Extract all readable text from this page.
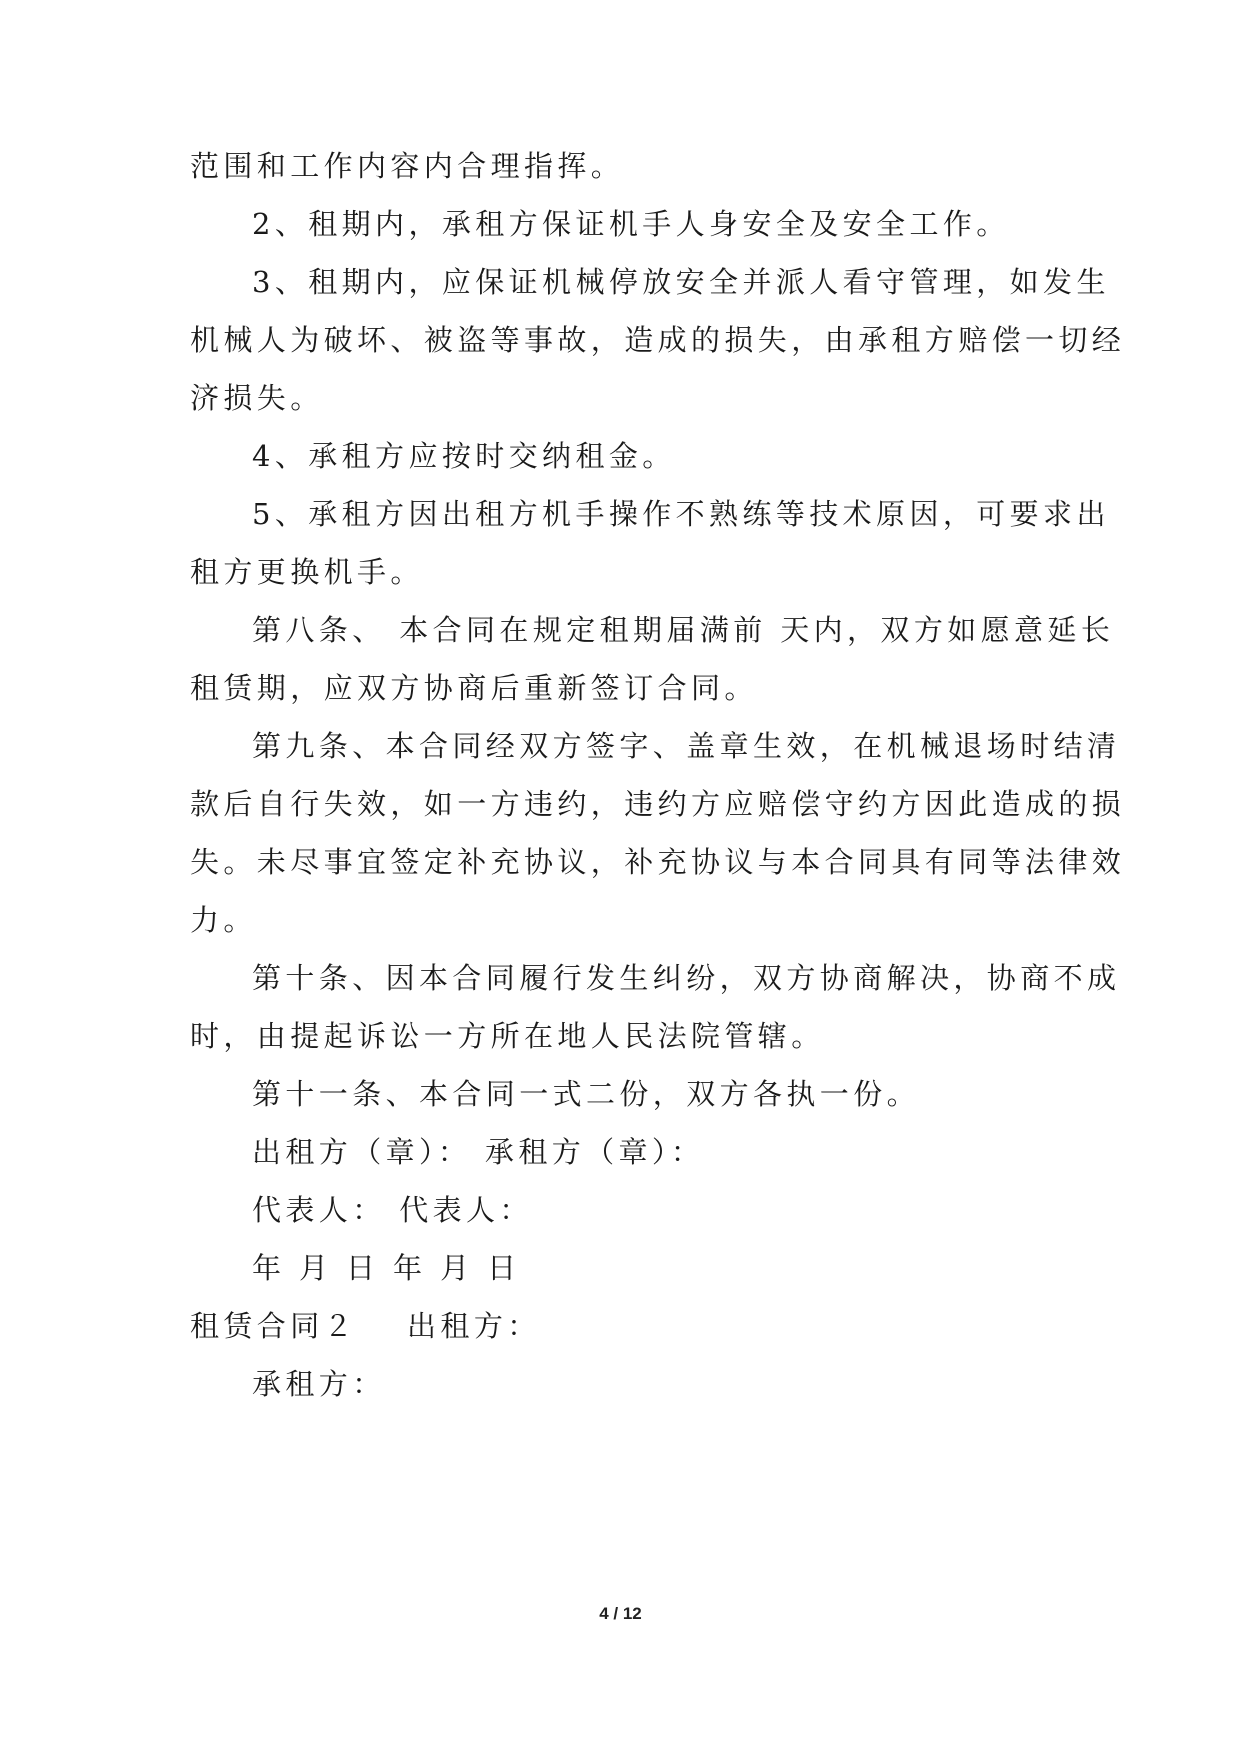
范围和工作内容内合理指挥。
2、租期内，承租方保证机手人身安全及安全工作。
3、租期内，应保证机械停放安全并派人看守管理，如发生
机械人为破坏、被盗等事故，造成的损失，由承租方赔偿一切经
济损失。
4、承租方应按时交纳租金。
5、承租方因出租方机手操作不熟练等技术原因，可要求出
租方更换机手。
第八条、 本合同在规定租期届满前 天内，双方如愿意延长
租赁期，应双方协商后重新签订合同。
第九条、本合同经双方签字、盖章生效，在机械退场时结清
款后自行失效，如一方违约，违约方应赔偿守约方因此造成的损
失。未尽事宜签定补充协议，补充协议与本合同具有同等法律效
力。
第十条、因本合同履行发生纠纷，双方协商解决，协商不成
时，由提起诉讼一方所在地人民法院管辖。
第十一条、本合同一式二份，双方各执一份。
出租方（章）： 承租方（章）：
代表人： 代表人：
年 月 日 年 月 日
租赁合同２ 出租方：
承租方：
4 / 12
